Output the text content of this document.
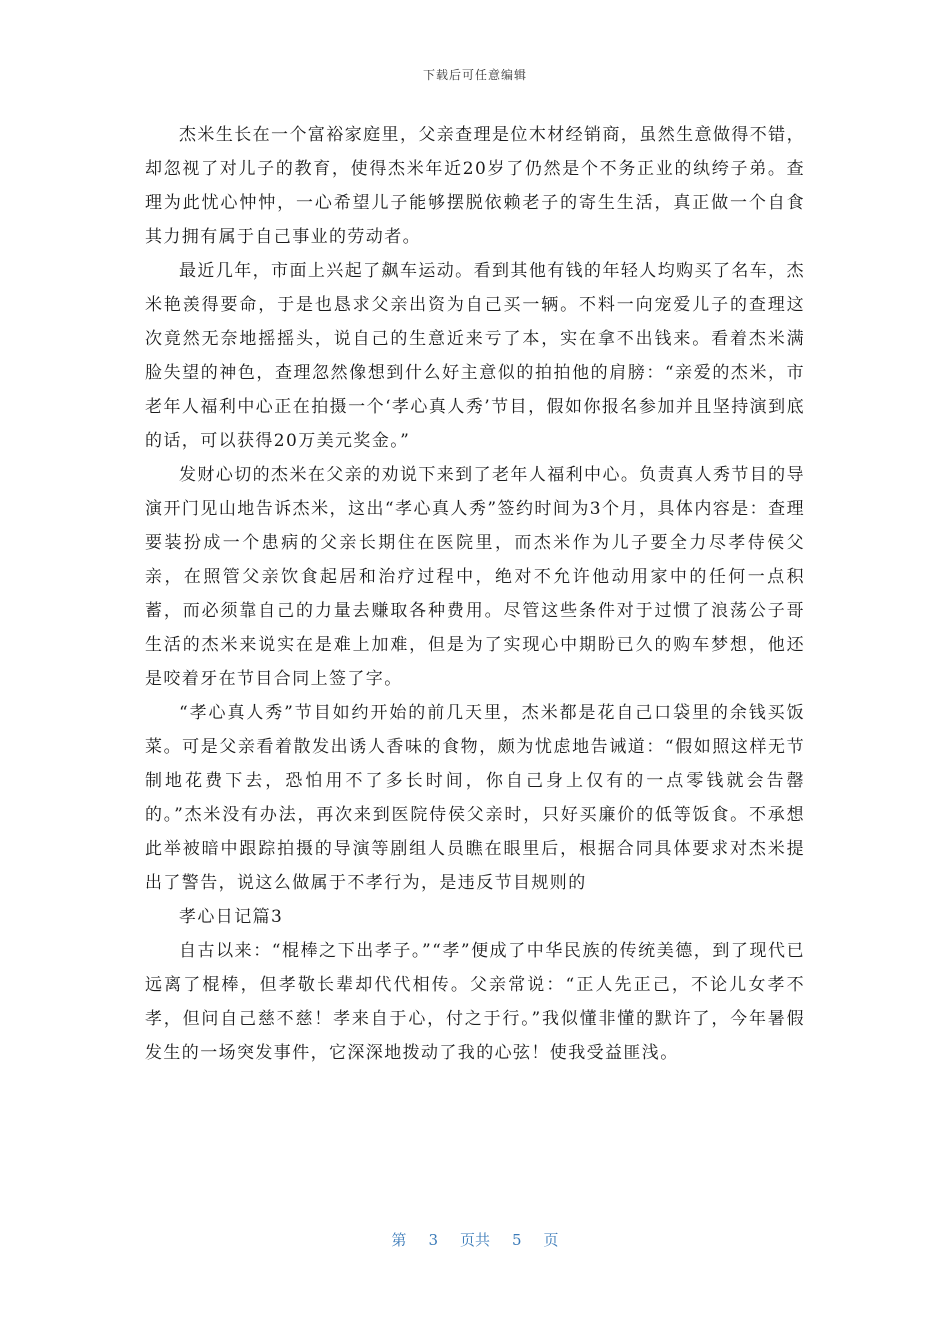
下载后可任意编辑

杰米生长在一个富裕家庭里，父亲查理是位木材经销商，虽然生意做得不错，却忽视了对儿子的教育，使得杰米年近20岁了仍然是个不务正业的纨绔子弟。查理为此忧心忡忡，一心希望儿子能够摆脱依赖老子的寄生生活，真正做一个自食其力拥有属于自己事业的劳动者。

最近几年，市面上兴起了飙车运动。看到其他有钱的年轻人均购买了名车，杰米艳羡得要命，于是也恳求父亲出资为自己买一辆。不料一向宠爱儿子的查理这次竟然无奈地摇摇头，说自己的生意近来亏了本，实在拿不出钱来。看着杰米满脸失望的神色，查理忽然像想到什么好主意似的拍拍他的肩膀：“亲爱的杰米，市老年人福利中心正在拍摄一个‘孝心真人秀’节目，假如你报名参加并且坚持演到底的话，可以获得20万美元奖金。”

发财心切的杰米在父亲的劝说下来到了老年人福利中心。负责真人秀节目的导演开门见山地告诉杰米，这出“孝心真人秀”签约时间为3个月，具体内容是：查理要装扮成一个患病的父亲长期住在医院里，而杰米作为儿子要全力尽孝侍侯父亲，在照管父亲饮食起居和治疗过程中，绝对不允许他动用家中的任何一点积蓄，而必须靠自己的力量去赚取各种费用。尽管这些条件对于过惯了浪荡公子哥生活的杰米来说实在是难上加难，但是为了实现心中期盼已久的购车梦想，他还是咬着牙在节目合同上签了字。

“孝心真人秀”节目如约开始的前几天里，杰米都是花自己口袋里的余钱买饭菜。可是父亲看着散发出诱人香味的食物，颇为忧虑地告诫道：“假如照这样无节制地花费下去，恐怕用不了多长时间，你自己身上仅有的一点零钱就会告罄的。”杰米没有办法，再次来到医院侍侯父亲时，只好买廉价的低等饭食。不承想此举被暗中跟踪拍摄的导演等剧组人员瞧在眼里后，根据合同具体要求对杰米提出了警告，说这么做属于不孝行为，是违反节目规则的

孝心日记篇3

自古以来：“棍棒之下出孝子。”“孝”便成了中华民族的传统美德，到了现代已远离了棍棒，但孝敬长辈却代代相传。父亲常说：“正人先正己，不论儿女孝不孝，但问自己慈不慈！孝来自于心，付之于行。”我似懂非懂的默许了，今年暑假发生的一场突发事件，它深深地拨动了我的心弦！使我受益匪浅。

第 3 页共 5 页
